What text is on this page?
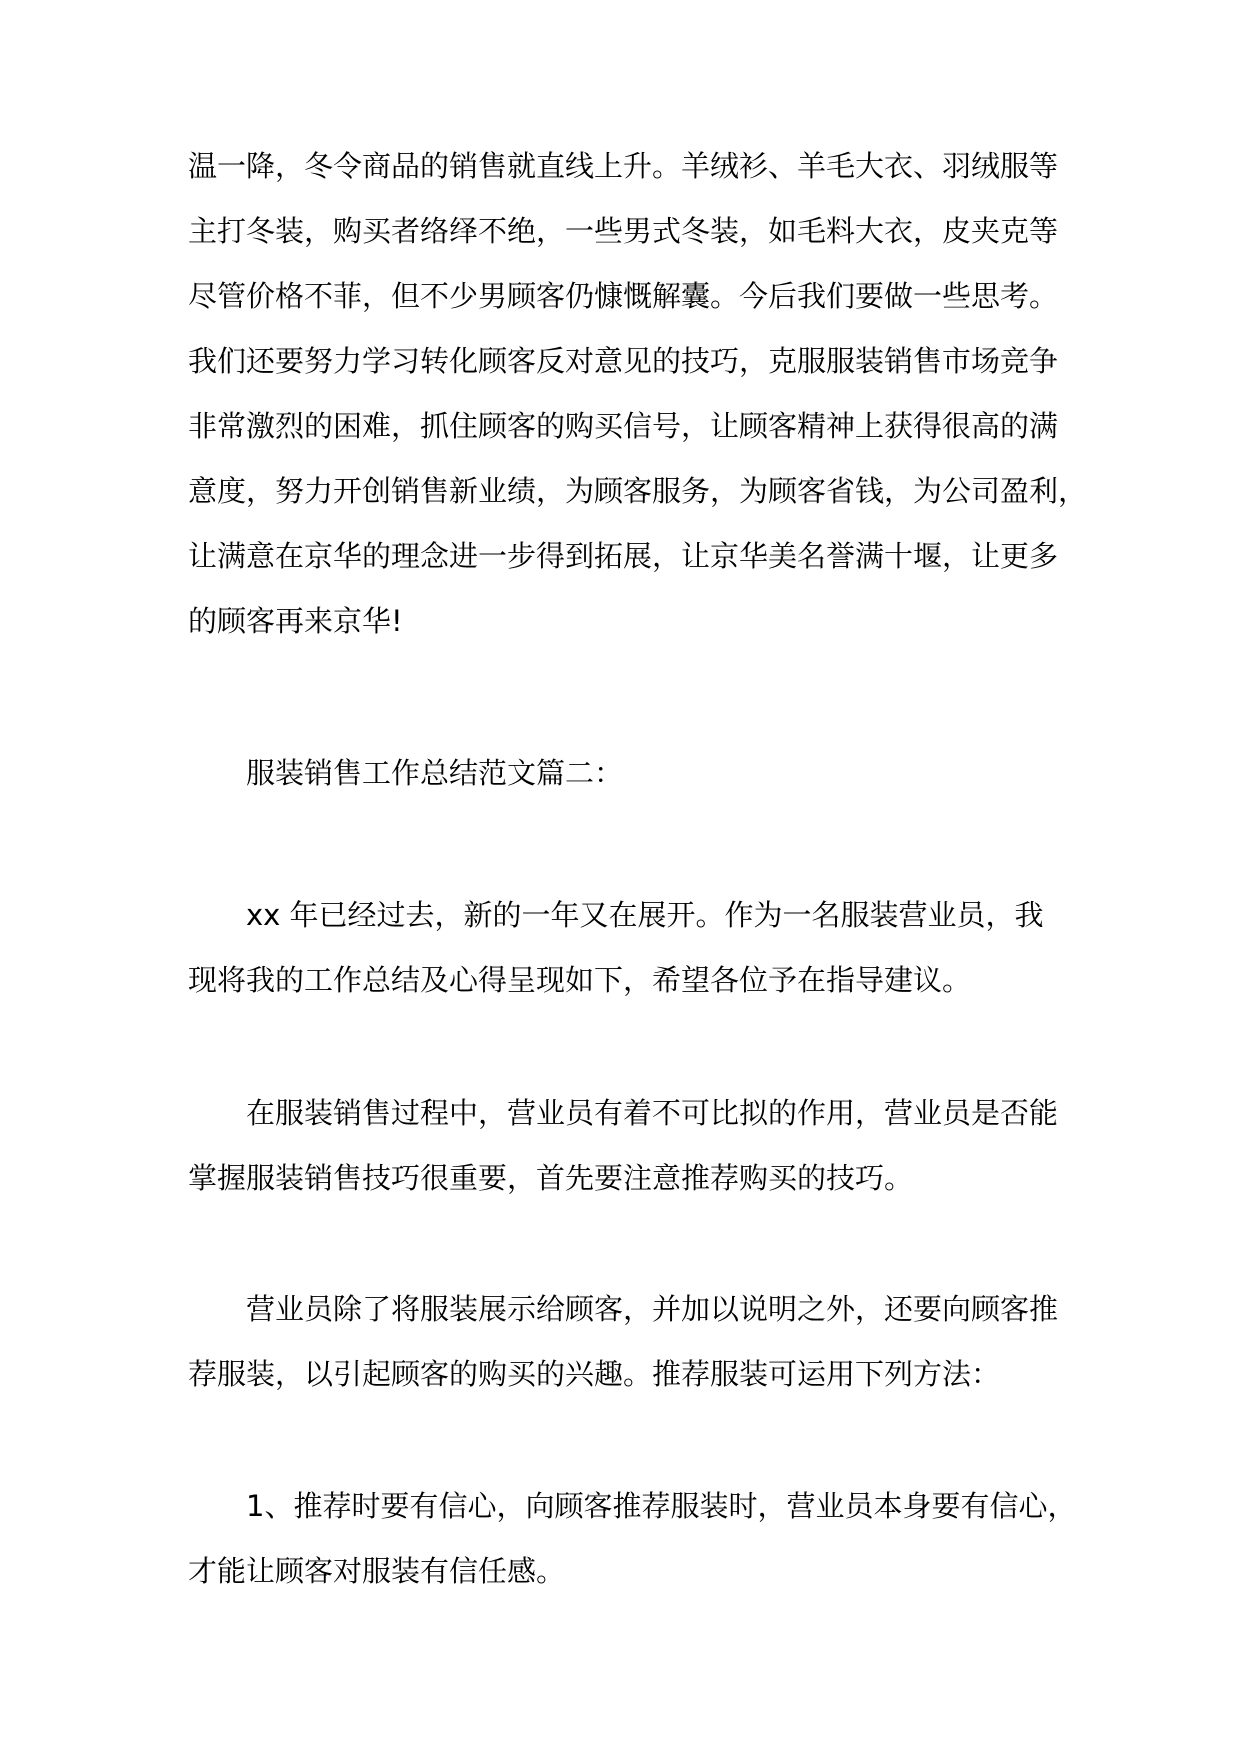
温一降，冬令商品的销售就直线上升。羊绒衫、羊毛大衣、羽绒服等
主打冬装，购买者络绎不绝，一些男式冬装，如毛料大衣，皮夹克等
尽管价格不菲，但不少男顾客仍慷慨解囊。今后我们要做一些思考。
我们还要努力学习转化顾客反对意见的技巧，克服服装销售市场竞争
非常激烈的困难，抓住顾客的购买信号，让顾客精神上获得很高的满
意度，努力开创销售新业绩，为顾客服务，为顾客省钱，为公司盈利，
让满意在京华的理念进一步得到拓展，让京华美名誉满十堰，让更多
的顾客再来京华!
服装销售工作总结范文篇二：
xx 年已经过去，新的一年又在展开。作为一名服装营业员，我
现将我的工作总结及心得呈现如下，希望各位予在指导建议。
在服装销售过程中，营业员有着不可比拟的作用，营业员是否能
掌握服装销售技巧很重要，首先要注意推荐购买的技巧。
营业员除了将服装展示给顾客，并加以说明之外，还要向顾客推
荐服装，以引起顾客的购买的兴趣。推荐服装可运用下列方法：
1、推荐时要有信心，向顾客推荐服装时，营业员本身要有信心，
才能让顾客对服装有信任感。
